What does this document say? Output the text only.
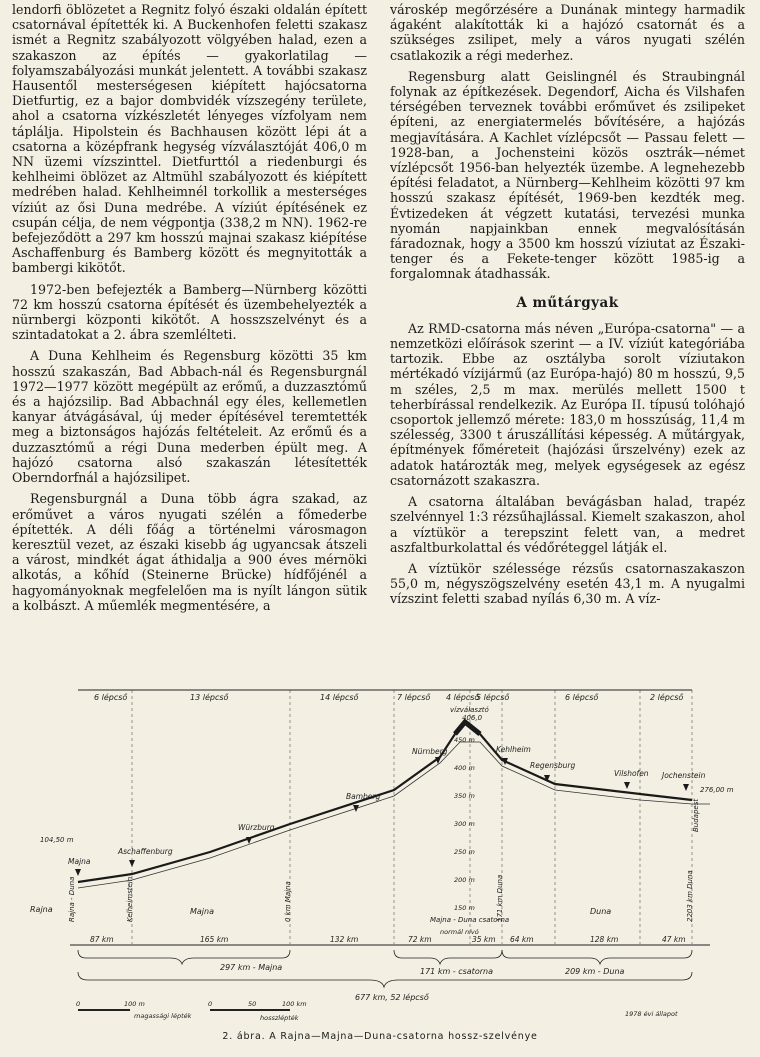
lendorfi öblözetet a Regnitz folyó északi oldalán épített csatornával építették ki. A Buckenhofen feletti szakasz ismét a Regnitz szabályozott völgyében halad, ezen a szakaszon az építés — gyakorlatilag — folyamszabályozási munkát jelentett. A további szakasz Hausentől mesterségesen kiépített hajócsatorna Dietfurtig, ez a bajor dombvidék vízszegény területe, ahol a csatorna vízkészletét lényeges vízfolyam nem táplálja. Hipolstein és Bachhausen között lépi át a csatorna a középfrank hegység vízválasztóját 406,0 m NN üzemi vízszinttel. Dietfurttól a riedenburgi és kehlheimi öblözet az Altmühl szabályozott és kiépített medrében halad. Kehlheimnél torkollik a mesterséges víziút az ősi Duna medrébe. A víziút építésének ez csupán célja, de nem végpontja (338,2 m NN). 1962-re befejeződött a 297 km hosszú majnai szakasz kiépítése Aschaffenburg és Bamberg között és megnyitották a bambergi kikötőt.

1972-ben befejezték a Bamberg—Nürnberg közötti 72 km hosszú csatorna építését és üzembehelyezték a nürnbergi központi kikötőt. A hosszszelvényt és a szintadatokat a 2. ábra szemlélteti.

A Duna Kehlheim és Regensburg közötti 35 km hosszú szakaszán, Bad Abbach-nál és Regensburgnál 1972—1977 között megépült az erőmű, a duzzasztómű és a hajózsilip. Bad Abbachnál egy éles, kellemetlen kanyar átvágásával, új meder építésével teremtették meg a biztonságos hajózás feltételeit. Az erőmű és a duzzasztómű a régi Duna mederben épült meg. A hajózó csatorna alsó szakaszán létesítették Oberndorfnál a hajózsilipet.

Regensburgnál a Duna több ágra szakad, az erőművet a város nyugati szélén a főmederbe építették. A déli főág a történelmi városmagon keresztül vezet, az északi kisebb ág ugyancsak átszeli a várost, mindkét ágat áthidalja a 900 éves mérnöki alkotás, a kőhíd (Steinerne Brücke) hídfőjénél a hagyományoknak megfelelően ma is nyílt lángon sütik a kolbászt. A műemlék megmentésére, a

városkép megőrzésére a Dunának mintegy harmadik ágaként alakították ki a hajózó csatornát és a szükséges zsilipet, mely a város nyugati szélén csatlakozik a régi mederhez.

Regensburg alatt Geislingnél és Straubingnál folynak az építkezések. Degendorf, Aicha és Vilshafen térségében terveznek további erőművet és zsilipeket építeni, az energiatermelés bővítésére, a hajózás megjavítására. A Kachlet vízlépcsőt — Passau felett — 1928-ban, a Jochensteini közös osztrák—német vízlépcsőt 1956-ban helyezték üzembe. A legnehezebb építési feladatot, a Nürnberg—Kehlheim közötti 97 km hosszú szakasz építését, 1969-ben kezdték meg. Évtizedeken át végzett kutatási, tervezési munka nyomán napjainkban ennek megvalósításán fáradoznak, hogy a 3500 km hosszú víziutat az Északi-tenger és a Fekete-tenger között 1985-ig a forgalomnak átadhassák.

A műtárgyak

Az RMD-csatorna más néven „Európa-csatorna" — a nemzetközi előírások szerint — a IV. víziút kategóriába tartozik. Ebbe az osztályba sorolt víziutakon mértékadó vízijármű (az Európa-hajó) 80 m hosszú, 9,5 m széles, 2,5 m max. merülés mellett 1500 t teherbírással rendelkezik. Az Európa II. típusú tolóhajó csoportok jellemző mérete: 183,0 m hosszúság, 11,4 m szélesség, 3300 t áruszállítási képesség. A műtárgyak, építmények főméreteit (hajózási űrszelvény) ezek az adatok határozták meg, melyek egységesek az egész csatornázott szakaszra.

A csatorna általában bevágásban halad, trapéz szelvénnyel 1:3 rézsűhajlással. Kiemelt szakaszon, ahol a víztükör a terepszint felett van, a medret aszfaltburkolattal és védőréteggel látják el.

A víztükör szélessége rézsűs csatornaszakaszon 55,0 m, négyszögszelvény esetén 43,1 m. A nyugalmi vízszint feletti szabad nyílás 6,30 m. A víz-

6 lépcső	13 lépcső	14 lépcső	7 lépcső 4 lépcső
5 lépcső	6 lépcső	2 lépcső
vízválasztó
406,0
104,50 m
276,00 m
Majna
Aschaffenburg
Würzburg
Bamberg
Nürnberg	Kehlheim
Regensburg
Vilshofen Jochenstein
Rajna - Duna	Kelheimstein	0 km Majna	Majna - Duna csatorna
171 km Duna	2203 km Duna
Budapest
450 m
400 m
350 m
300 m
250 m
200 m
150 m
Rajna	Majna	Duna
normál nívó
87 km	165 km	132 km	72 km	35 km 64 km	128 km	47 km
297 km - Majna	171 km - csatorna	209 km - Duna
677 km, 52 lépcső
0	100 m	0	50	100 km
magassági lépték	hosszlépték	1978 évi állapot
2. ábra. A Rajna—Majna—Duna-csatorna hossz-szelvénye
